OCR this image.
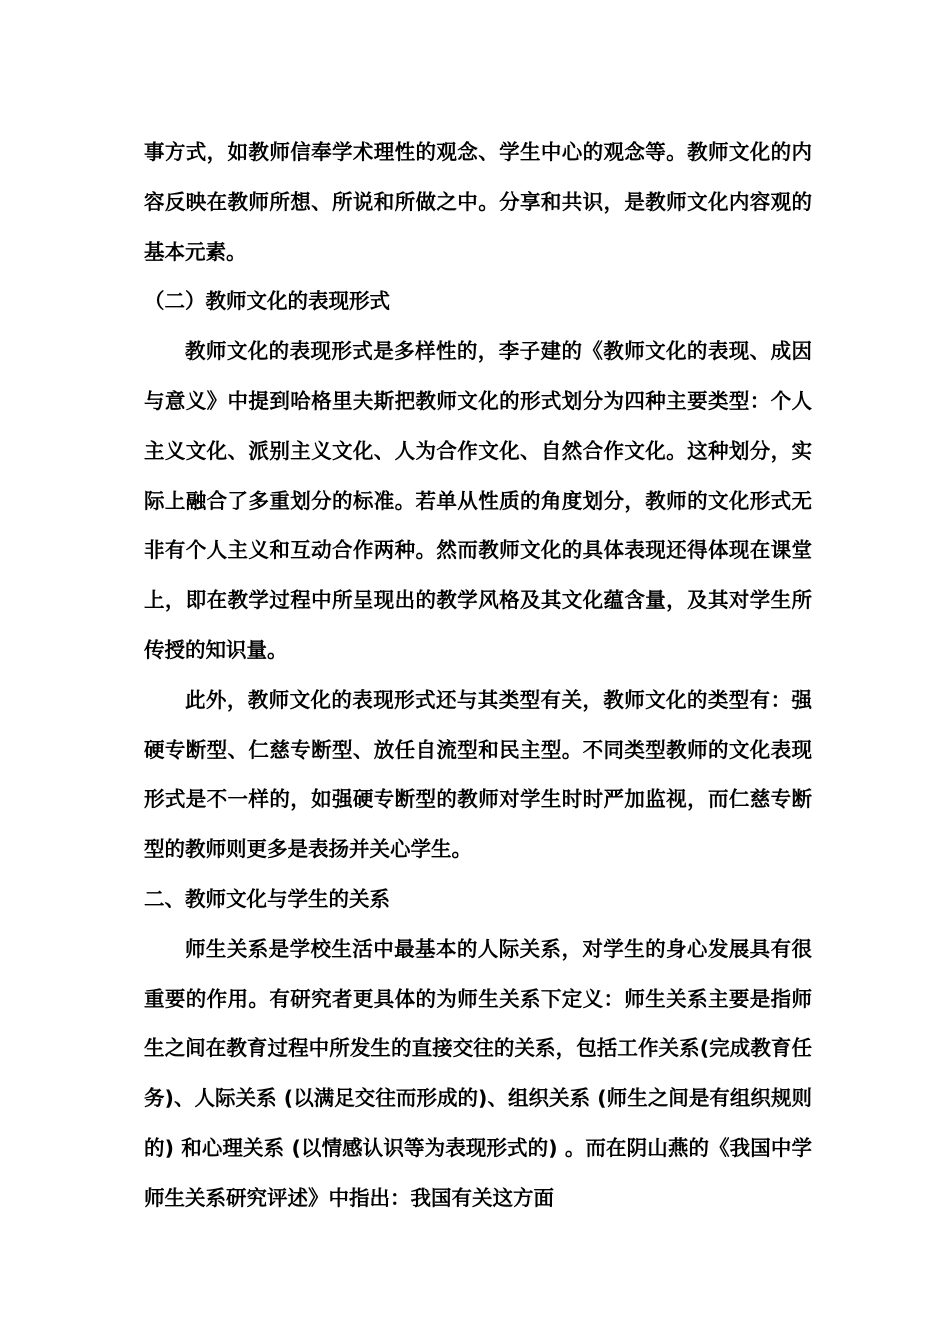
事方式，如教师信奉学术理性的观念、学生中心的观念等。教师文化的内容反映在教师所想、所说和所做之中。分享和共识，是教师文化内容观的基本元素。

（二）教师文化的表现形式

教师文化的表现形式是多样性的，李子建的《教师文化的表现、成因与意义》中提到哈格里夫斯把教师文化的形式划分为四种主要类型：个人主义文化、派别主义文化、人为合作文化、自然合作文化。这种划分，实际上融合了多重划分的标准。若单从性质的角度划分，教师的文化形式无非有个人主义和互动合作两种。然而教师文化的具体表现还得体现在课堂上，即在教学过程中所呈现出的教学风格及其文化蕴含量，及其对学生所传授的知识量。

此外，教师文化的表现形式还与其类型有关，教师文化的类型有：强硬专断型、仁慈专断型、放任自流型和民主型。不同类型教师的文化表现形式是不一样的，如强硬专断型的教师对学生时时严加监视，而仁慈专断型的教师则更多是表扬并关心学生。

二、教师文化与学生的关系

师生关系是学校生活中最基本的人际关系，对学生的身心发展具有很重要的作用。有研究者更具体的为师生关系下定义：师生关系主要是指师生之间在教育过程中所发生的直接交往的关系，包括工作关系(完成教育任务)、人际关系 (以满足交往而形成的)、组织关系 (师生之间是有组织规则的) 和心理关系 (以情感认识等为表现形式的) 。而在阴山燕的《我国中学师生关系研究评述》中指出：我国有关这方面
